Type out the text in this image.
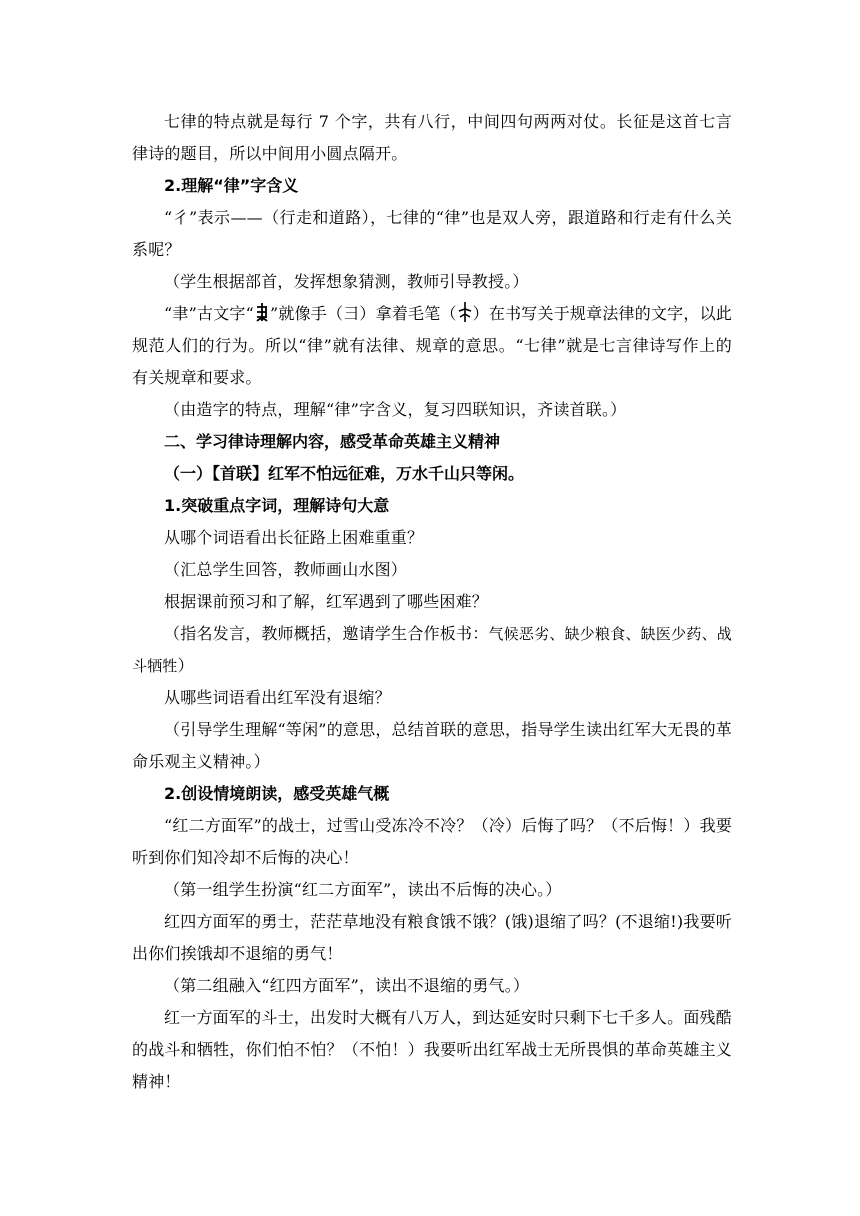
七律的特点就是每行 7 个字，共有八行，中间四句两两对仗。长征是这首七言律诗的题目，所以中间用小圆点隔开。

2.理解“律”字含义

“彳”表示——（行走和道路），七律的“律”也是双人旁，跟道路和行走有什么关系呢？

（学生根据部首，发挥想象猜测，教师引导教授。）

“聿”古文字“ ”就像手（彐）拿着毛笔（ ）在书写关于规章法律的文字，以此规范人们的行为。所以“律”就有法律、规章的意思。“七律”就是七言律诗写作上的有关规章和要求。

（由造字的特点，理解“律”字含义，复习四联知识，齐读首联。）

二、学习律诗理解内容，感受革命英雄主义精神

（一）【首联】红军不怕远征难，万水千山只等闲。

1.突破重点字词，理解诗句大意

从哪个词语看出长征路上困难重重？

（汇总学生回答，教师画山水图）

根据课前预习和了解，红军遇到了哪些困难？

（指名发言，教师概括，邀请学生合作板书：气候恶劣、缺少粮食、缺医少药、战斗牺牲）

从哪些词语看出红军没有退缩？

（引导学生理解“等闲”的意思，总结首联的意思，指导学生读出红军大无畏的革命乐观主义精神。）

2.创设情境朗读，感受英雄气概

“红二方面军”的战士，过雪山受冻冷不冷？（冷）后悔了吗？（不后悔！）我要听到你们知冷却不后悔的决心！

（第一组学生扮演“红二方面军”，读出不后悔的决心。）

红四方面军的勇士，茫茫草地没有粮食饿不饿？(饿)退缩了吗？(不退缩!)我要听出你们挨饿却不退缩的勇气！

（第二组融入“红四方面军”，读出不退缩的勇气。）

红一方面军的斗士，出发时大概有八万人，到达延安时只剩下七千多人。面残酷的战斗和牺牲，你们怕不怕？（不怕！）我要听出红军战士无所畏惧的革命英雄主义精神！
